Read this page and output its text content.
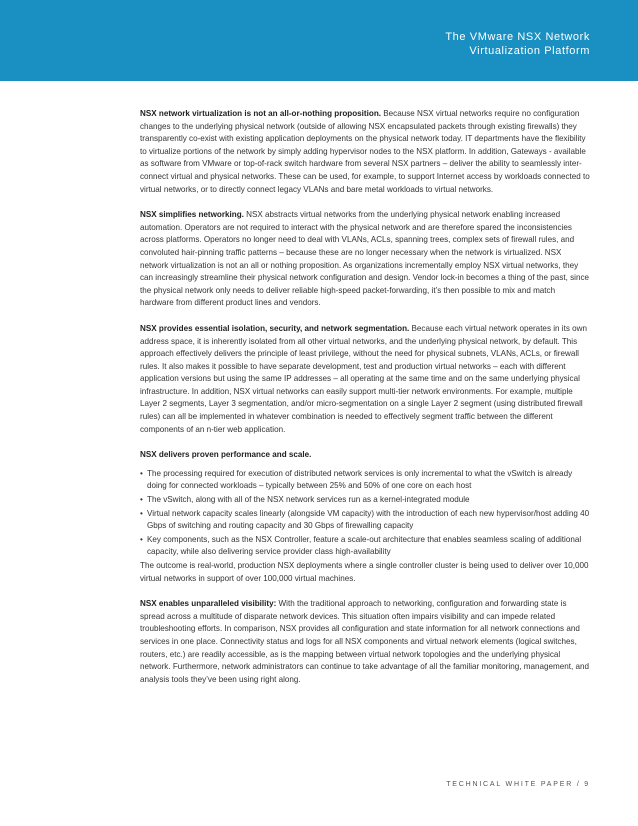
The VMware NSX Network
Virtualization Platform

NSX network virtualization is not an all-or-nothing proposition. Because NSX virtual networks require no configuration changes to the underlying physical network (outside of allowing NSX encapsulated packets through existing firewalls) they transparently co-exist with existing application deployments on the physical network today. IT departments have the flexibility to virtualize portions of the network by simply adding hypervisor nodes to the NSX platform. In addition, Gateways - available as software from VMware or top-of-rack switch hardware from several NSX partners – deliver the ability to seamlessly inter-connect virtual and physical networks. These can be used, for example, to support Internet access by workloads connected to virtual networks, or to directly connect legacy VLANs and bare metal workloads to virtual networks.

NSX simplifies networking. NSX abstracts virtual networks from the underlying physical network enabling increased automation. Operators are not required to interact with the physical network and are therefore spared the inconsistencies across platforms. Operators no longer need to deal with VLANs, ACLs, spanning trees, complex sets of firewall rules, and convoluted hair-pinning traffic patterns – because these are no longer necessary when the network is virtualized. NSX network virtualization is not an all or nothing proposition. As organizations incrementally employ NSX virtual networks, they can increasingly streamline their physical network configuration and design. Vendor lock-in becomes a thing of the past, since the physical network only needs to deliver reliable high-speed packet-forwarding, it’s then possible to mix and match hardware from different product lines and vendors.

NSX provides essential isolation, security, and network segmentation. Because each virtual network operates in its own address space, it is inherently isolated from all other virtual networks, and the underlying physical network, by default. This approach effectively delivers the principle of least privilege, without the need for physical subnets, VLANs, ACLs, or firewall rules. It also makes it possible to have separate development, test and production virtual networks – each with different application versions but using the same IP addresses – all operating at the same time and on the same underlying physical infrastructure. In addition, NSX virtual networks can easily support multi-tier network environments. For example, multiple Layer 2 segments, Layer 3 segmentation, and/or micro-segmentation on a single Layer 2 segment (using distributed firewall rules) can all be implemented in whatever combination is needed to effectively segment traffic between the different components of an n-tier web application.

NSX delivers proven performance and scale.

• The processing required for execution of distributed network services is only incremental to what the vSwitch is already doing for connected workloads – typically between 25% and 50% of one core on each host
• The vSwitch, along with all of the NSX network services run as a kernel-integrated module
• Virtual network capacity scales linearly (alongside VM capacity) with the introduction of each new hypervisor/host adding 40 Gbps of switching and routing capacity and 30 Gbps of firewalling capacity
• Key components, such as the NSX Controller, feature a scale-out architecture that enables seamless scaling of additional capacity, while also delivering service provider class high-availability

The outcome is real-world, production NSX deployments where a single controller cluster is being used to deliver over 10,000 virtual networks in support of over 100,000 virtual machines.

NSX enables unparalleled visibility: With the traditional approach to networking, configuration and forwarding state is spread across a multitude of disparate network devices. This situation often impairs visibility and can impede related troubleshooting efforts. In comparison, NSX provides all configuration and state information for all network connections and services in one place. Connectivity status and logs for all NSX components and virtual network elements (logical switches, routers, etc.) are readily accessible, as is the mapping between virtual network topologies and the underlying physical network. Furthermore, network administrators can continue to take advantage of all the familiar monitoring, management, and analysis tools they’ve been using right along.

TECHNICAL WHITE PAPER / 9
